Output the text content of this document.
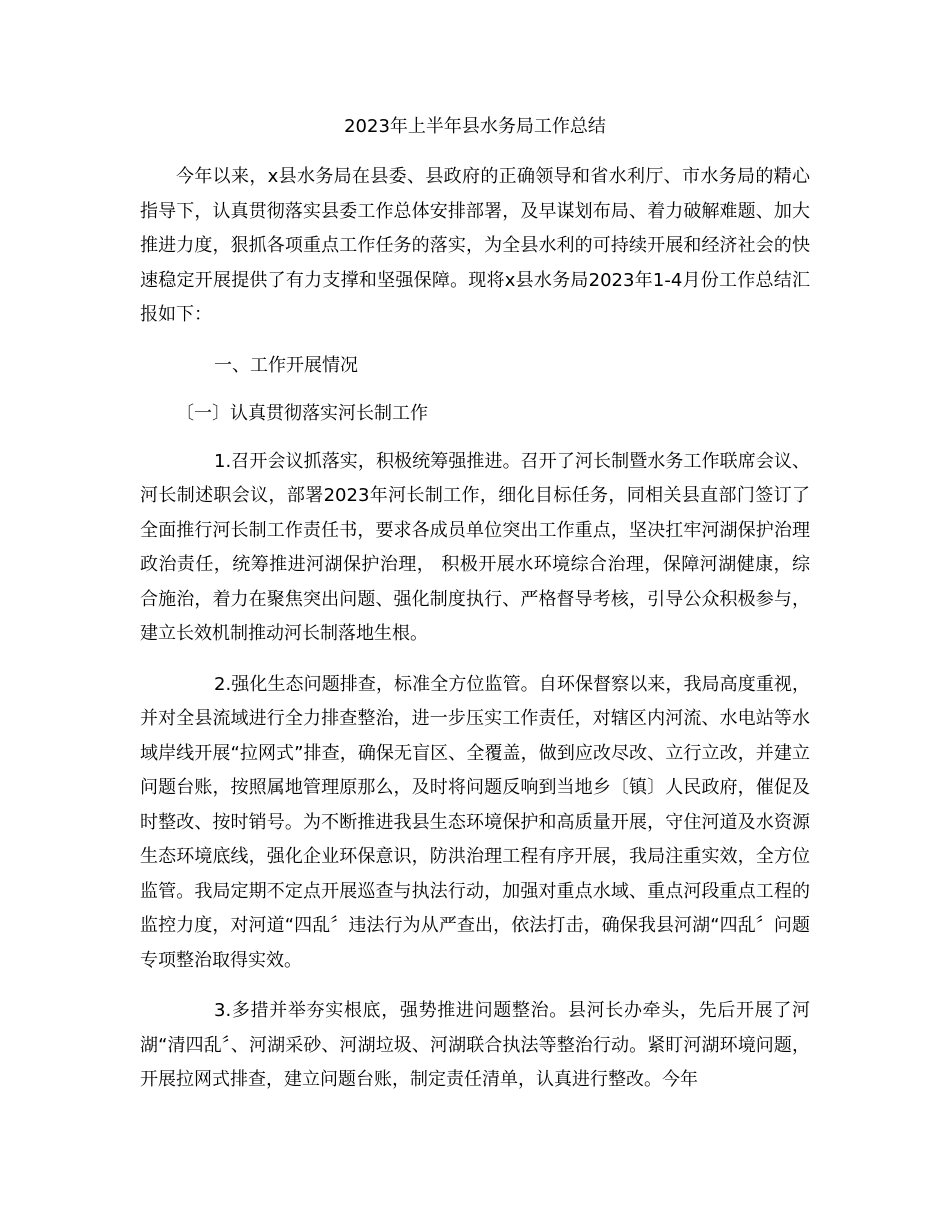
2023年上半年县水务局工作总结

今年以来，x县水务局在县委、县政府的正确领导和省水利厅、市水务局的精心指导下，认真贯彻落实县委工作总体安排部署，及早谋划布局、着力破解难题、加大推进力度，狠抓各项重点工作任务的落实，为全县水利的可持续开展和经济社会的快速稳定开展提供了有力支撑和坚强保障。现将x县水务局2023年1-4月份工作总结汇报如下：

一、工作开展情况
〔一〕认真贯彻落实河长制工作

1.召开会议抓落实，积极统筹强推进。召开了河长制暨水务工作联席会议、河长制述职会议，部署2023年河长制工作，细化目标任务，同相关县直部门签订了全面推行河长制工作责任书，要求各成员单位突出工作重点，坚决扛牢河湖保护治理政治责任，统筹推进河湖保护治理， 积极开展水环境综合治理，保障河湖健康，综合施治，着力在聚焦突出问题、强化制度执行、严格督导考核，引导公众积极参与，建立长效机制推动河长制落地生根。

2.强化生态问题排查，标准全方位监管。自环保督察以来，我局高度重视，并对全县流域进行全力排查整治，进一步压实工作责任，对辖区内河流、水电站等水域岸线开展“拉网式”排查，确保无盲区、全覆盖，做到应改尽改、立行立改，并建立问题台账，按照属地管理原那么，及时将问题反响到当地乡〔镇〕人民政府，催促及时整改、按时销号。为不断推进我县生态环境保护和高质量开展，守住河道及水资源生态环境底线，强化企业环保意识，防洪治理工程有序开展，我局注重实效，全方位监管。我局定期不定点开展巡查与执法行动，加强对重点水域、重点河段重点工程的监控力度，对河道“四乱〞违法行为从严查出，依法打击，确保我县河湖“四乱〞问题专项整治取得实效。

3.多措并举夯实根底，强势推进问题整治。县河长办牵头，先后开展了河湖“清四乱〞、河湖采砂、河湖垃圾、河湖联合执法等整治行动。紧盯河湖环境问题，开展拉网式排查，建立问题台账，制定责任清单，认真进行整改。今年
